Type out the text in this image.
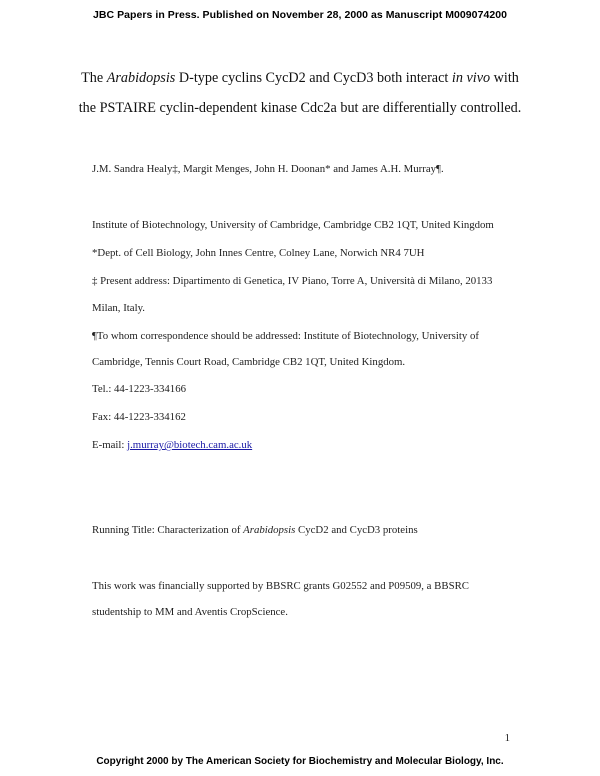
JBC Papers in Press. Published on November 28, 2000 as Manuscript M009074200
The Arabidopsis D-type cyclins CycD2 and CycD3 both interact in vivo with
the PSTAIRE cyclin-dependent kinase Cdc2a but are differentially controlled.
J.M. Sandra Healy‡, Margit Menges, John H. Doonan* and James A.H. Murray¶.
Institute of Biotechnology, University of Cambridge, Cambridge CB2 1QT, United Kingdom
*Dept. of Cell Biology, John Innes Centre, Colney Lane, Norwich NR4 7UH
‡ Present address: Dipartimento di Genetica, IV Piano, Torre A, Università di Milano, 20133
Milan, Italy.
¶To whom correspondence should be addressed: Institute of Biotechnology, University of
Cambridge, Tennis Court Road, Cambridge CB2 1QT, United Kingdom.
Tel.: 44-1223-334166
Fax: 44-1223-334162
E-mail: j.murray@biotech.cam.ac.uk
Running Title: Characterization of Arabidopsis CycD2 and CycD3 proteins
This work was financially supported by BBSRC grants G02552 and P09509, a BBSRC
studentship to MM and Aventis CropScience.
1
Copyright 2000 by The American Society for Biochemistry and Molecular Biology, Inc.
